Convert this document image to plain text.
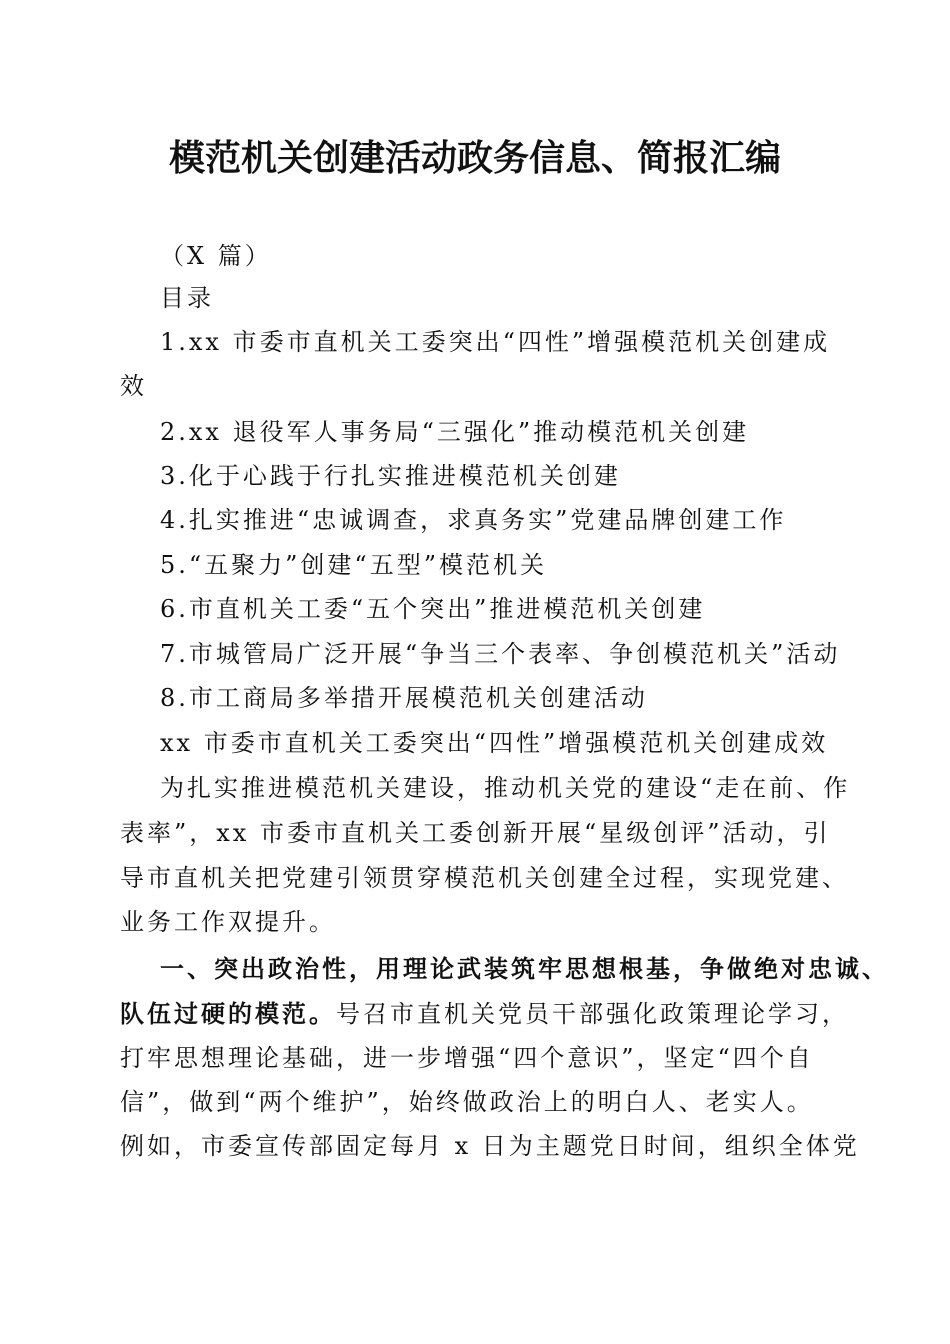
模范机关创建活动政务信息、简报汇编
（X 篇）
目录
1.xx 市委市直机关工委突出“四性”增强模范机关创建成
效
2.xx 退役军人事务局“三强化”推动模范机关创建
3.化于心践于行扎实推进模范机关创建
4.扎实推进“忠诚调查，求真务实”党建品牌创建工作
5.“五聚力”创建“五型”模范机关
6.市直机关工委“五个突出”推进模范机关创建
7.市城管局广泛开展“争当三个表率、争创模范机关”活动
8.市工商局多举措开展模范机关创建活动
xx 市委市直机关工委突出“四性”增强模范机关创建成效
为扎实推进模范机关建设，推动机关党的建设“走在前、作
表率”，xx 市委市直机关工委创新开展“星级创评”活动，引
导市直机关把党建引领贯穿模范机关创建全过程，实现党建、
业务工作双提升。
一、突出政治性，用理论武装筑牢思想根基，争做绝对忠诚、
队伍过硬的模范。号召市直机关党员干部强化政策理论学习，
打牢思想理论基础，进一步增强“四个意识”，坚定“四个自
信”，做到“两个维护”，始终做政治上的明白人、老实人。
例如，市委宣传部固定每月 x 日为主题党日时间，组织全体党
